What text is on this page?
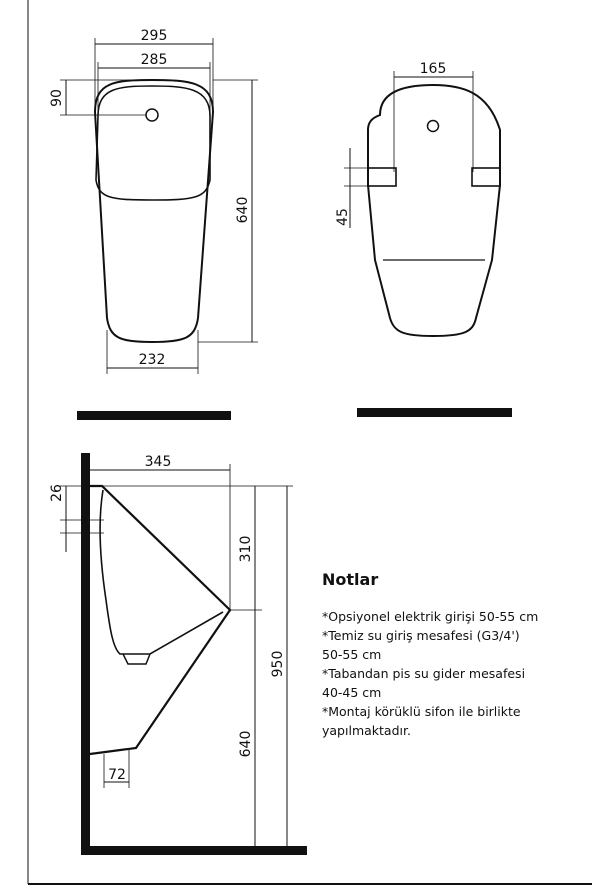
295
285
90
640
232
165
45
345
26
310
950
640
72
Notlar
*Opsiyonel elektrik girişi 50-55 cm
*Temiz su giriş mesafesi (G3/4')
50-55 cm
*Tabandan pis su gider mesafesi
40-45 cm
*Montaj körüklü sifon ile birlikte
yapılmaktadır.
